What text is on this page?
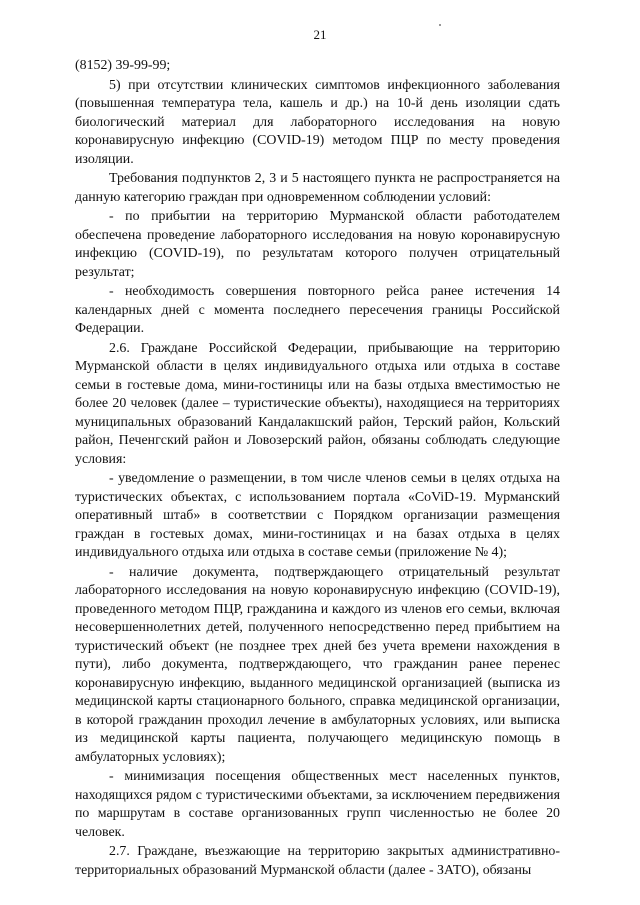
21

(8152) 39-99-99;

5) при отсутствии клинических симптомов инфекционного заболевания (повышенная температура тела, кашель и др.) на 10-й день изоляции сдать биологический материал для лабораторного исследования на новую коронавирусную инфекцию (COVID-19) методом ПЦР по месту проведения изоляции.

Требования подпунктов 2, 3 и 5 настоящего пункта не распространяется на данную категорию граждан при одновременном соблюдении условий:

- по прибытии на территорию Мурманской области работодателем обеспечена проведение лабораторного исследования на новую коронавирусную инфекцию (COVID-19), по результатам которого получен отрицательный результат;

- необходимость совершения повторного рейса ранее истечения 14 календарных дней с момента последнего пересечения границы Российской Федерации.

2.6. Граждане Российской Федерации, прибывающие на территорию Мурманской области в целях индивидуального отдыха или отдыха в составе семьи в гостевые дома, мини-гостиницы или на базы отдыха вместимостью не более 20 человек (далее – туристические объекты), находящиеся на территориях муниципальных образований Кандалакшский район, Терский район, Кольский район, Печенгский район и Ловозерский район, обязаны соблюдать следующие условия:

- уведомление о размещении, в том числе членов семьи в целях отдыха на туристических объектах, с использованием портала «CoViD-19. Мурманский оперативный штаб» в соответствии с Порядком организации размещения граждан в гостевых домах, мини-гостиницах и на базах отдыха в целях индивидуального отдыха или отдыха в составе семьи (приложение № 4);

- наличие документа, подтверждающего отрицательный результат лабораторного исследования на новую коронавирусную инфекцию (COVID-19), проведенного методом ПЦР, гражданина и каждого из членов его семьи, включая несовершеннолетних детей, полученного непосредственно перед прибытием на туристический объект (не позднее трех дней без учета времени нахождения в пути), либо документа, подтверждающего, что гражданин ранее перенес коронавирусную инфекцию, выданного медицинской организацией (выписка из медицинской карты стационарного больного, справка медицинской организации, в которой гражданин проходил лечение в амбулаторных условиях, или выписка из медицинской карты пациента, получающего медицинскую помощь в амбулаторных условиях);

- минимизация посещения общественных мест населенных пунктов, находящихся рядом с туристическими объектами, за исключением передвижения по маршрутам в составе организованных групп численностью не более 20 человек.

2.7. Граждане, въезжающие на территорию закрытых административно-территориальных образований Мурманской области (далее - ЗАТО), обязаны
